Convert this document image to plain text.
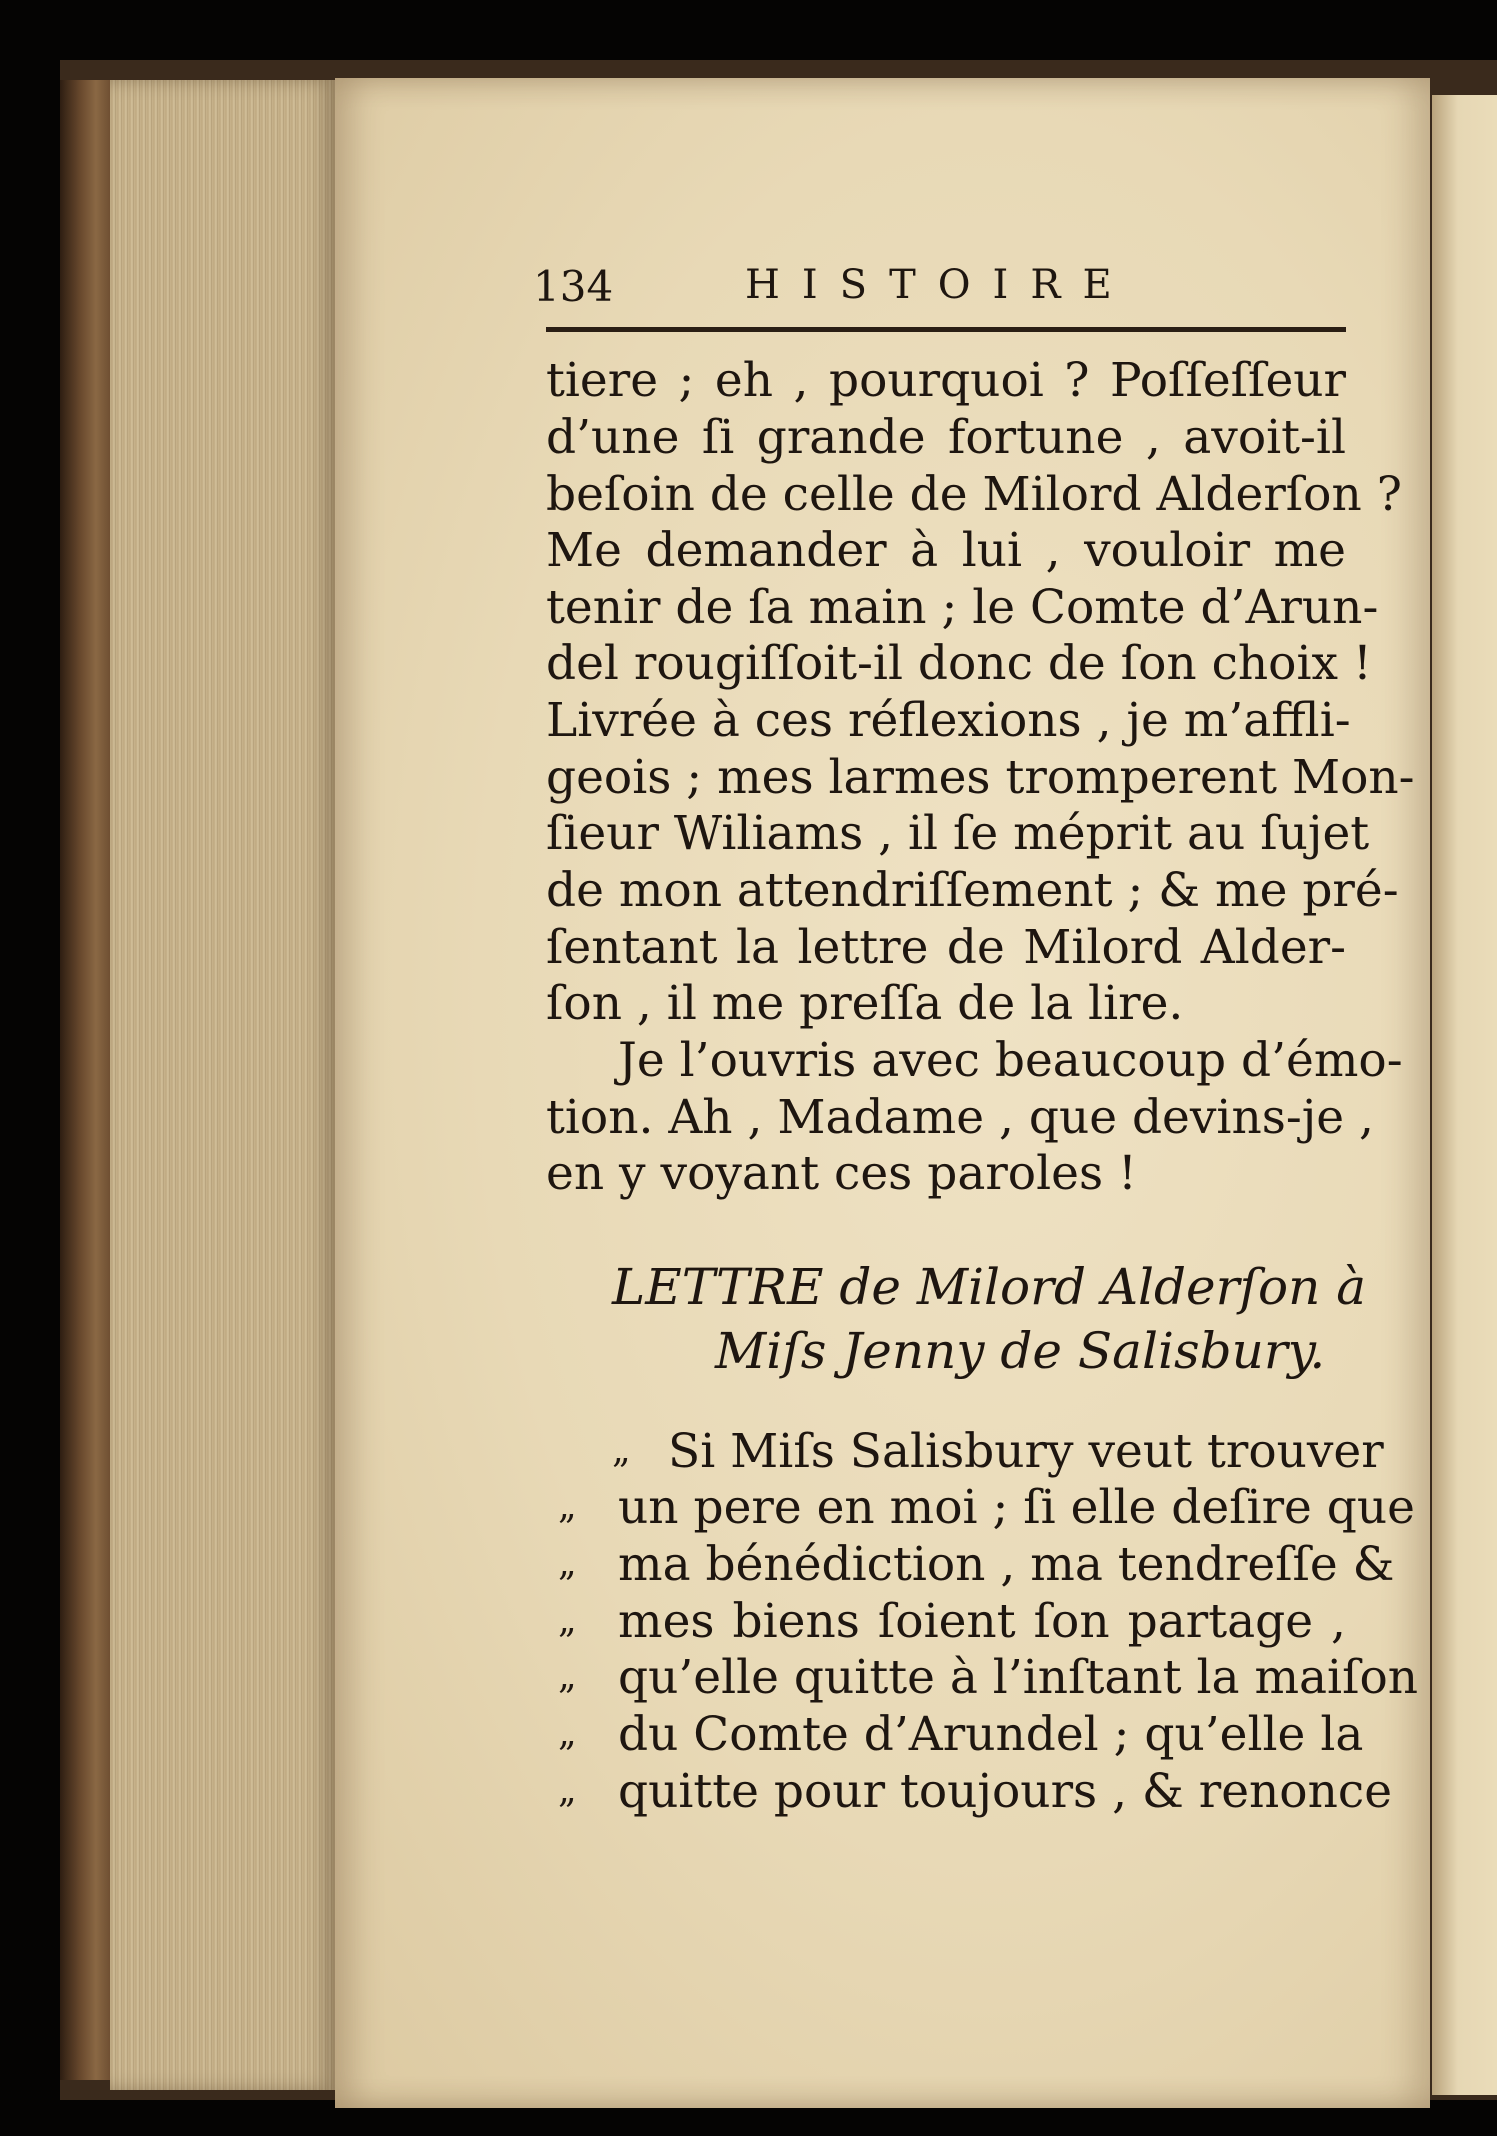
134	HISTOIRE
tiere ; eh , pourquoi ? Poſſeſſeur
d’une ſi grande fortune , avoit-il
beſoin de celle de Milord Alderſon ?
Me demander à lui , vouloir me
tenir de ſa main ; le Comte d’Arun-
del rougiſſoit-il donc de ſon choix !
Livrée à ces réflexions , je m’affli-
geois ; mes larmes tromperent Mon-
ſieur Wiliams , il ſe méprit au ſujet
de mon attendriſſement ; & me pré-
ſentant la lettre de Milord Alder-
ſon , il me preſſa de la lire.
Je l’ouvris avec beaucoup d’émo-
tion. Ah , Madame , que devins-je ,
en y voyant ces paroles !
LETTRE de Milord Alderſon à
Miſs Jenny de Salisbury.
„ Si Miſs Salisbury veut trouver
„ un pere en moi ; ſi elle deſire que
„ ma bénédiction , ma tendreſſe &
„ mes biens ſoient ſon partage ,
„ qu’elle quitte à l’inſtant la maiſon
„ du Comte d’Arundel ; qu’elle la
„ quitte pour toujours , & renonce
